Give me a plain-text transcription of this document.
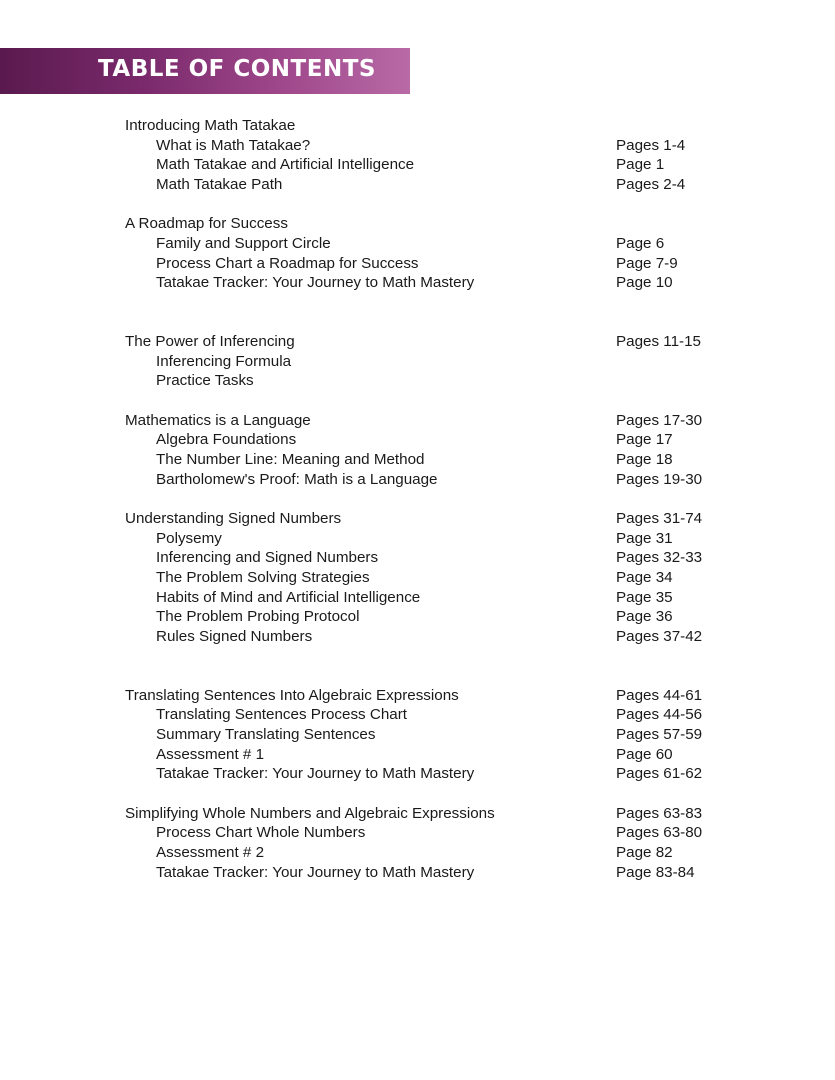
TABLE OF CONTENTS
Introducing Math Tatakae
What is Math Tatakae?	Pages 1-4
Math Tatakae and Artificial Intelligence	Page 1
Math Tatakae Path	Pages 2-4
A Roadmap for Success
Family and Support Circle	Page 6
Process Chart a Roadmap for Success	Page 7-9
Tatakae Tracker: Your Journey to Math Mastery	Page 10
The Power of Inferencing	Pages 11-15
Inferencing Formula
Practice Tasks
Mathematics is a Language	Pages 17-30
Algebra Foundations	Page 17
The Number Line: Meaning and Method	Page 18
Bartholomew's Proof: Math is a Language	Pages 19-30
Understanding Signed Numbers	Pages 31-74
Polysemy	Page 31
Inferencing and Signed Numbers	Pages 32-33
The Problem Solving Strategies	Page 34
Habits of Mind and Artificial Intelligence	Page 35
The Problem Probing Protocol	Page 36
Rules Signed Numbers	Pages 37-42
Translating Sentences Into Algebraic Expressions	Pages 44-61
Translating Sentences Process Chart	Pages 44-56
Summary Translating Sentences	Pages 57-59
Assessment # 1	Page 60
Tatakae Tracker: Your Journey to Math Mastery	Pages 61-62
Simplifying Whole Numbers and Algebraic Expressions	Pages 63-83
Process Chart Whole Numbers	Pages 63-80
Assessment # 2	Page 82
Tatakae Tracker: Your Journey to Math Mastery	Page 83-84
